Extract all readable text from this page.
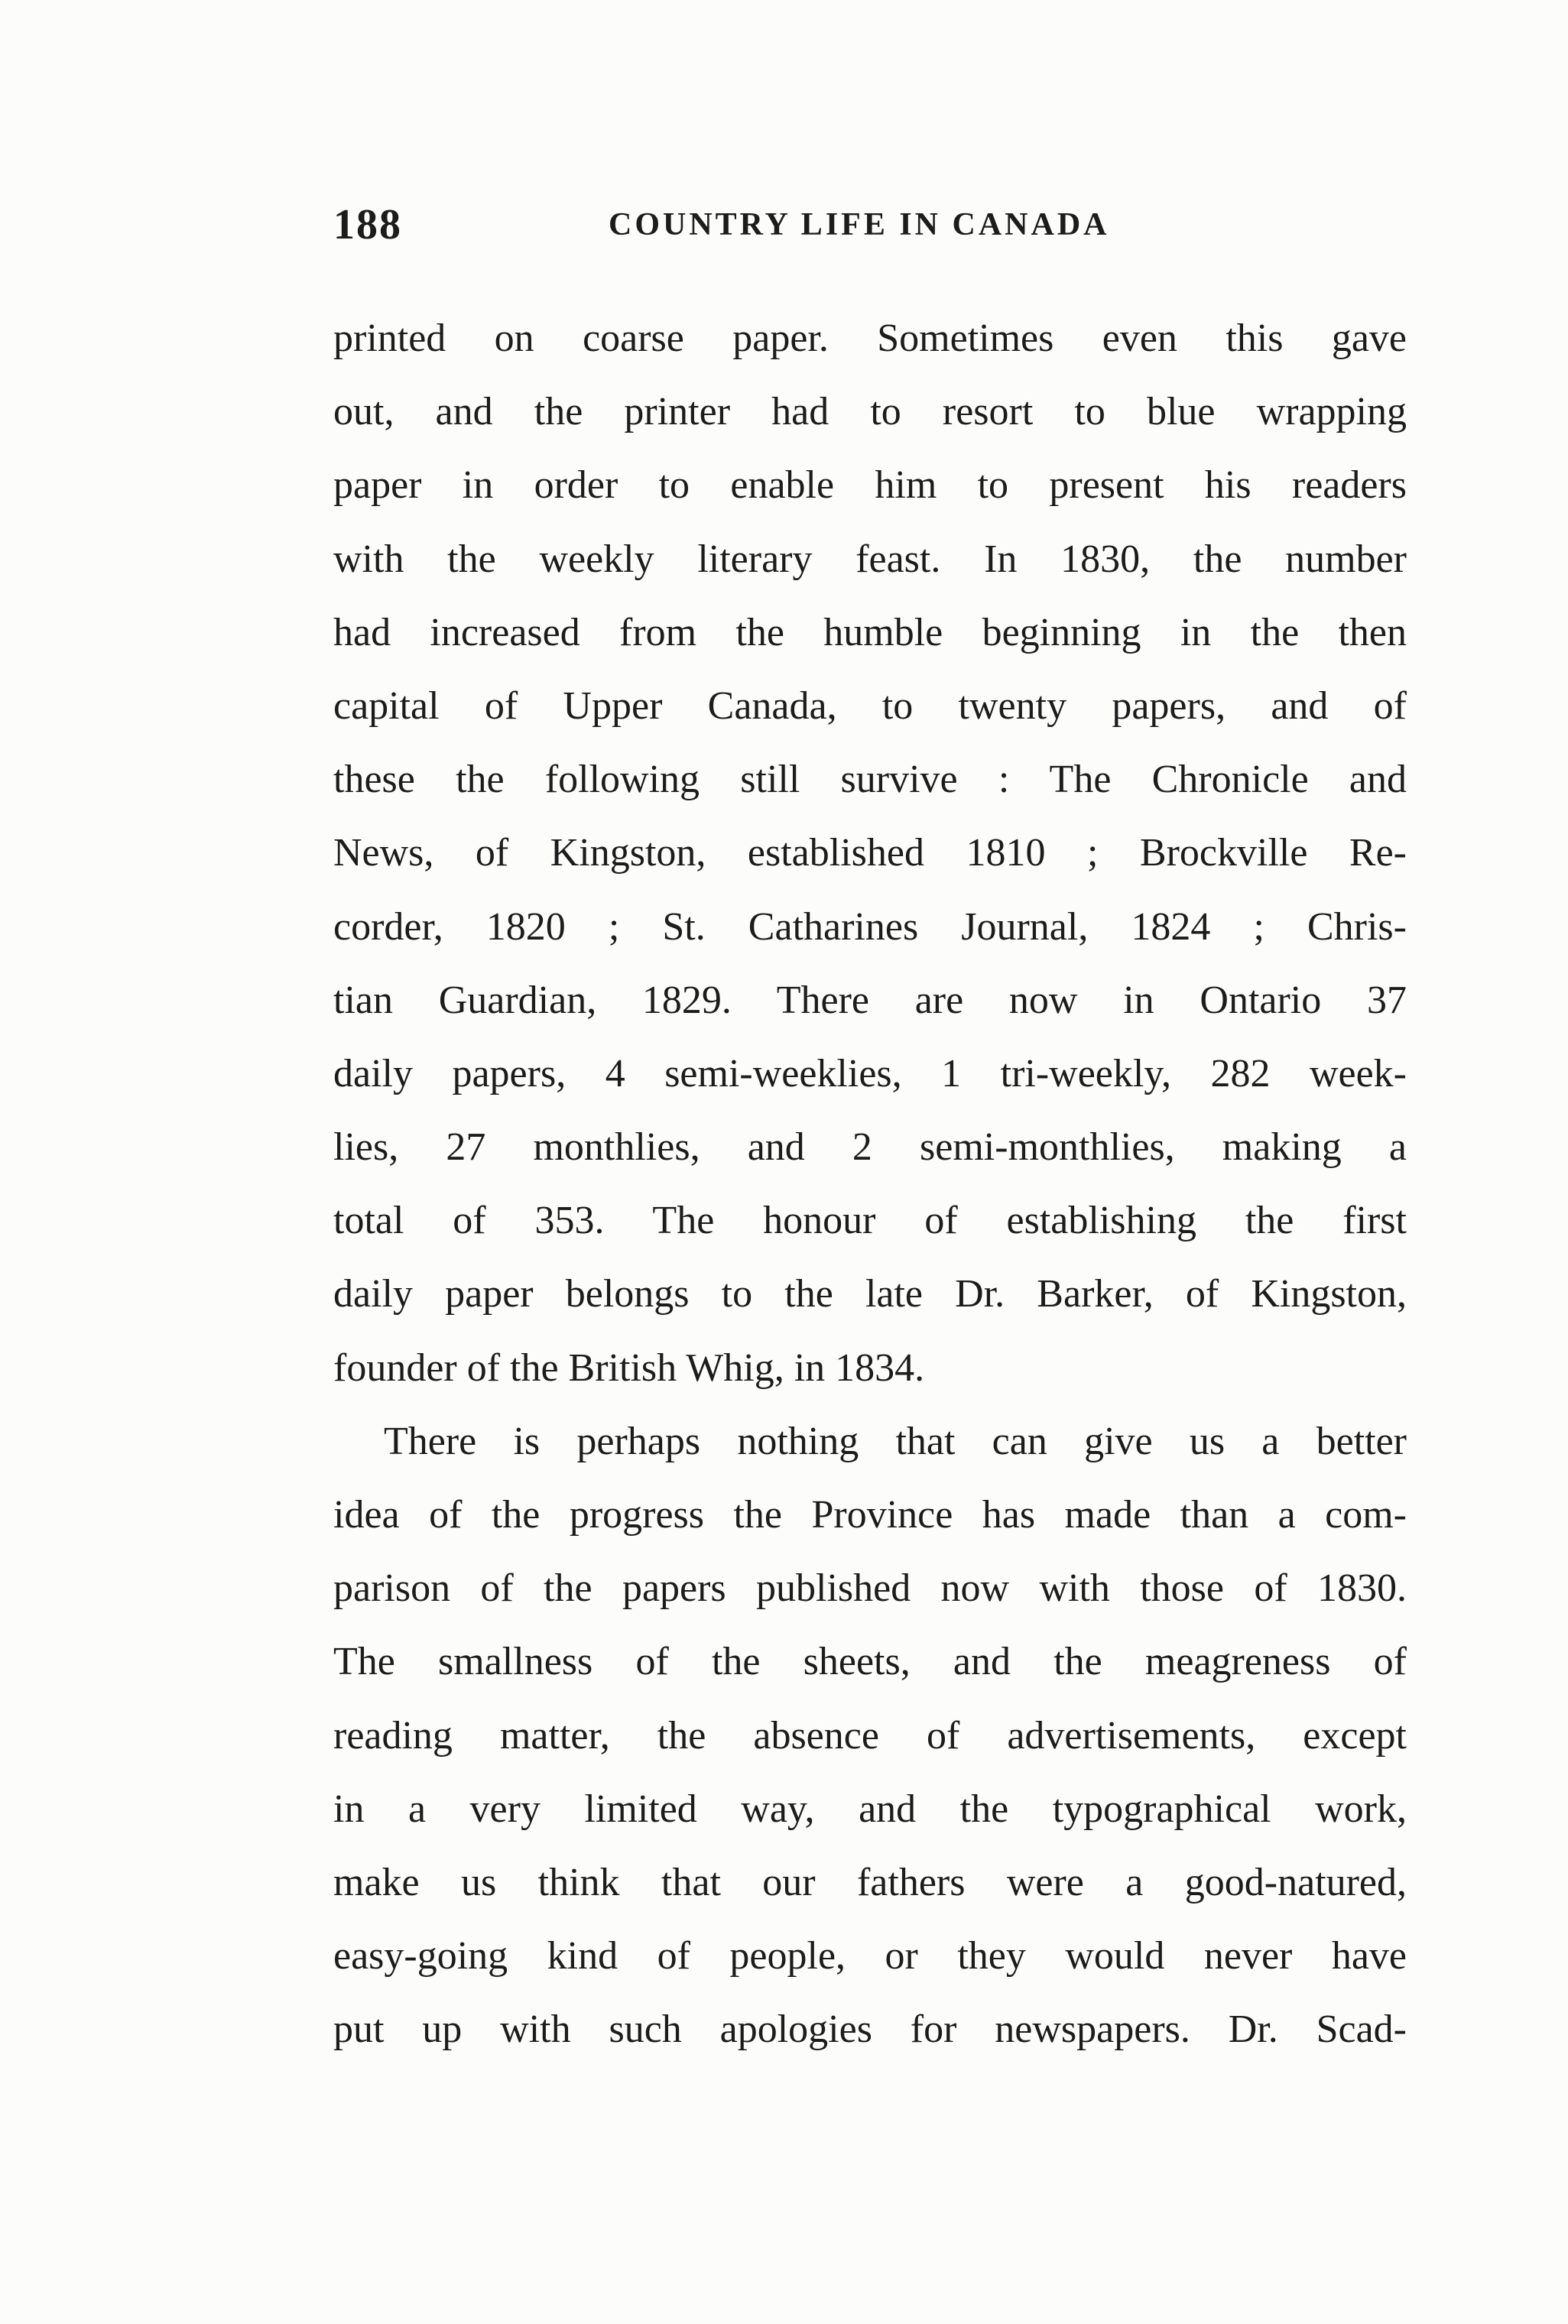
188	COUNTRY LIFE IN CANADA
printed on coarse paper. Sometimes even this gave
out, and the printer had to resort to blue wrapping
paper in order to enable him to present his readers
with the weekly literary feast. In 1830, the number
had increased from the humble beginning in the then
capital of Upper Canada, to twenty papers, and of
these the following still survive : The Chronicle and
News, of Kingston, established 1810 ; Brockville Re-
corder, 1820 ; St. Catharines Journal, 1824 ; Chris-
tian Guardian, 1829. There are now in Ontario 37
daily papers, 4 semi-weeklies, 1 tri-weekly, 282 week-
lies, 27 monthlies, and 2 semi-monthlies, making a
total of 353. The honour of establishing the first
daily paper belongs to the late Dr. Barker, of Kingston,
founder of the British Whig, in 1834.
There is perhaps nothing that can give us a better
idea of the progress the Province has made than a com-
parison of the papers published now with those of 1830.
The smallness of the sheets, and the meagreness of
reading matter, the absence of advertisements, except
in a very limited way, and the typographical work,
make us think that our fathers were a good-natured,
easy-going kind of people, or they would never have
put up with such apologies for newspapers. Dr. Scad-
